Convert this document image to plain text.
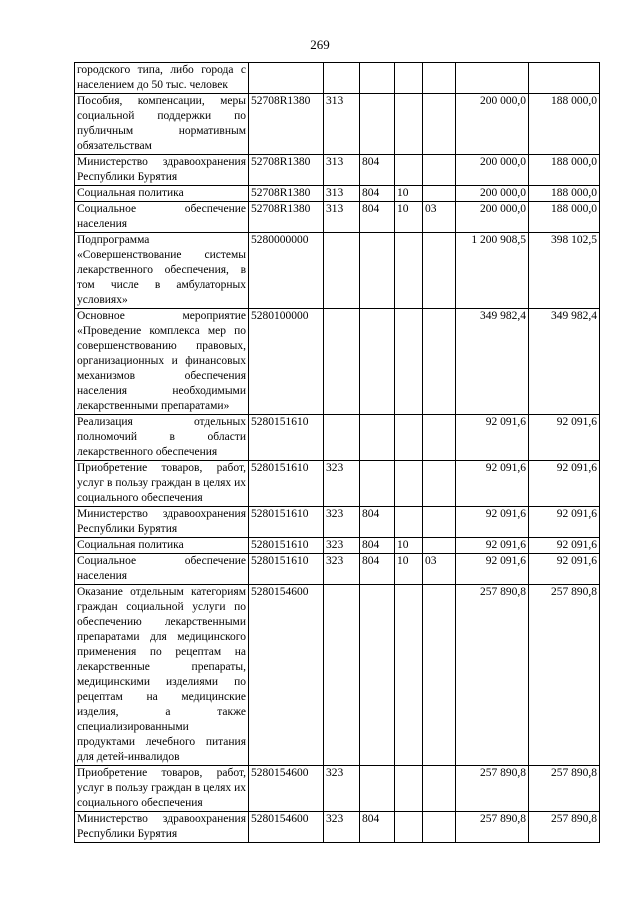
269
городского типа, либо города с населением до 50 тыс. человек							
Пособия, компенсации, меры социальной поддержки по публичным нормативным обязательствам	52708R1380	313				200 000,0	188 000,0
Министерство здравоохранения Республики Бурятия	52708R1380	313	804			200 000,0	188 000,0
Социальная политика	52708R1380	313	804	10		200 000,0	188 000,0
Социальное обеспечение населения	52708R1380	313	804	10	03	200 000,0	188 000,0
Подпрограмма «Совершенствование системы лекарственного обеспечения, в том числе в амбулаторных условиях»	5280000000					1 200 908,5	398 102,5
Основное мероприятие «Проведение комплекса мер по совершенствованию правовых, организационных и финансовых механизмов обеспечения населения необходимыми лекарственными препаратами»	5280100000					349 982,4	349 982,4
Реализация отдельных полномочий в области лекарственного обеспечения	5280151610					92 091,6	92 091,6
Приобретение товаров, работ, услуг в пользу граждан в целях их социального обеспечения	5280151610	323				92 091,6	92 091,6
Министерство здравоохранения Республики Бурятия	5280151610	323	804			92 091,6	92 091,6
Социальная политика	5280151610	323	804	10		92 091,6	92 091,6
Социальное обеспечение населения	5280151610	323	804	10	03	92 091,6	92 091,6
Оказание отдельным категориям граждан социальной услуги по обеспечению лекарственными препаратами для медицинского применения по рецептам на лекарственные препараты, медицинскими изделиями по рецептам на медицинские изделия, а также специализированными продуктами лечебного питания для детей-инвалидов	5280154600					257 890,8	257 890,8
Приобретение товаров, работ, услуг в пользу граждан в целях их социального обеспечения	5280154600	323				257 890,8	257 890,8
Министерство здравоохранения Республики Бурятия	5280154600	323	804			257 890,8	257 890,8
